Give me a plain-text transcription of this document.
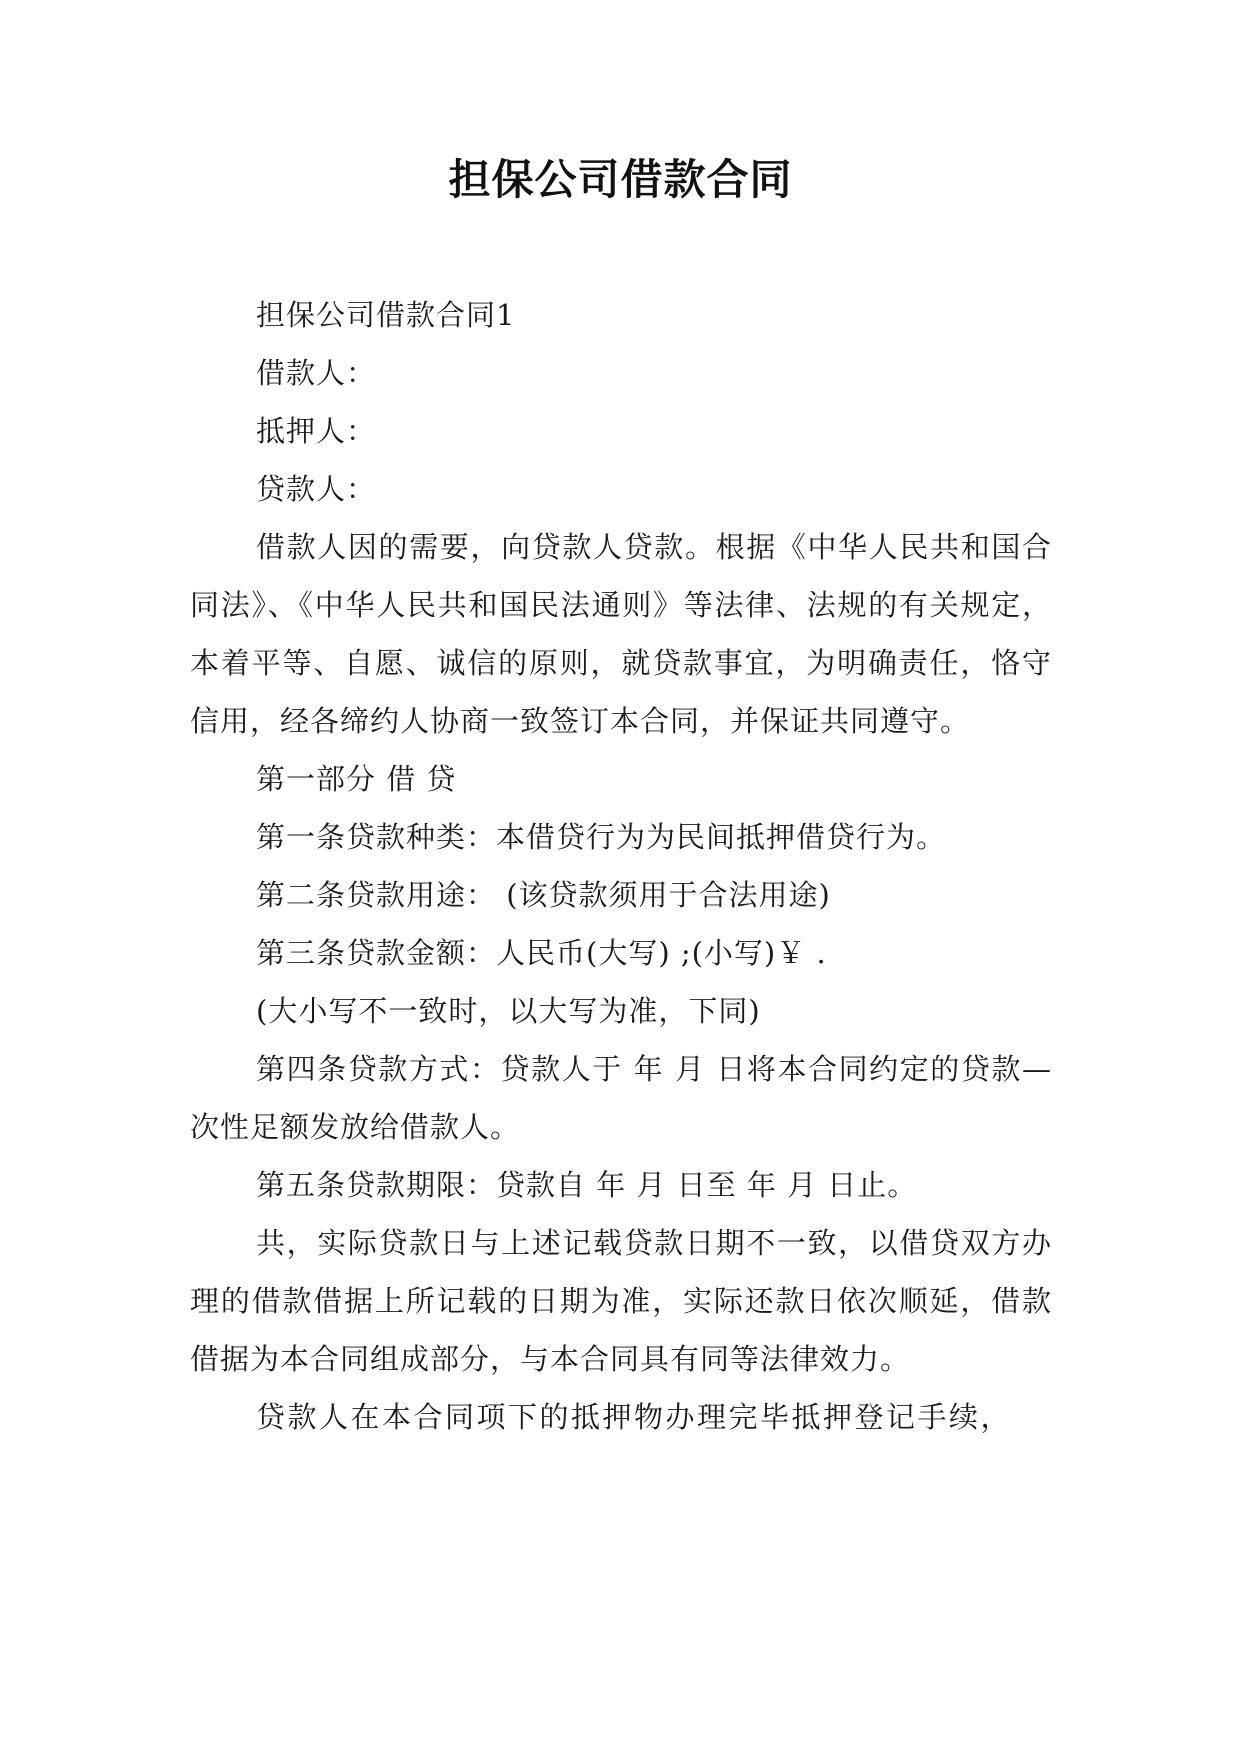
担保公司借款合同

担保公司借款合同1

借款人：

抵押人：

贷款人：

借款人因的需要，向贷款人贷款。根据《中华人民共和国合同法》、《中华人民共和国民法通则》等法律、法规的有关规定，本着平等、自愿、诚信的原则，就贷款事宜，为明确责任，恪守信用，经各缔约人协商一致签订本合同，并保证共同遵守。

第一部分 借 贷

第一条贷款种类：本借贷行为为民间抵押借贷行为。

第二条贷款用途： (该贷款须用于合法用途)

第三条贷款金额：人民币(大写) ;(小写)￥ .

(大小写不一致时，以大写为准，下同)

第四条贷款方式：贷款人于 年 月 日将本合同约定的贷款—次性足额发放给借款人。

第五条贷款期限：贷款自 年 月 日至 年 月 日止。

共，实际贷款日与上述记载贷款日期不一致，以借贷双方办理的借款借据上所记载的日期为准，实际还款日依次顺延，借款借据为本合同组成部分，与本合同具有同等法律效力。

贷款人在本合同项下的抵押物办理完毕抵押登记手续，
